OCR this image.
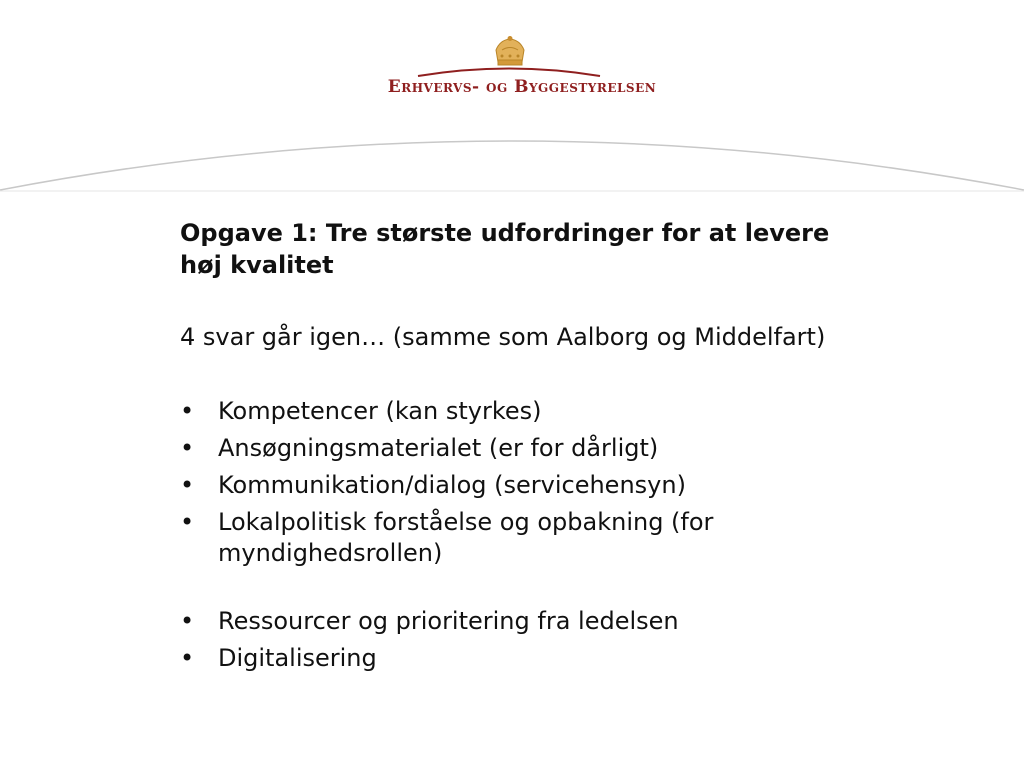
Erhvervs- og Byggestyrelsen
Opgave 1: Tre største udfordringer for at levere høj kvalitet

4 svar går igen… (samme som Aalborg og Middelfart)

• Kompetencer (kan styrkes)
• Ansøgningsmaterialet (er for dårligt)
• Kommunikation/dialog (servicehensyn)
• Lokalpolitisk forståelse og opbakning (for myndighedsrollen)
• Ressourcer og prioritering fra ledelsen
• Digitalisering
